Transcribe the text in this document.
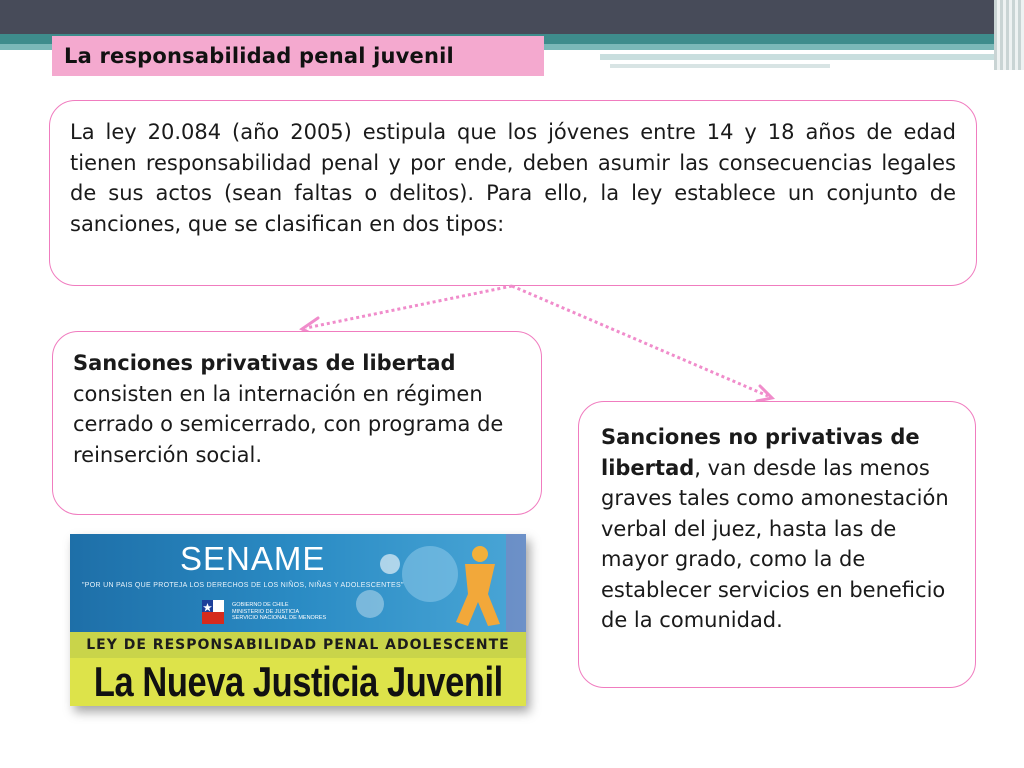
La responsabilidad penal juvenil

La ley 20.084 (año 2005) estipula que los jóvenes entre 14 y 18 años de edad tienen responsabilidad penal y por ende, deben asumir las consecuencias legales de sus actos (sean faltas o delitos). Para ello, la ley establece un conjunto de sanciones, que se clasifican en dos tipos:

Sanciones privativas de libertad consisten en la internación en régimen cerrado o semicerrado, con programa de reinserción social.

Sanciones no privativas de libertad, van desde las menos graves tales como amonestación verbal del juez, hasta las de mayor grado, como la de establecer servicios en beneficio de la comunidad.

SENAME
"POR UN PAIS QUE PROTEJA LOS DERECHOS DE LOS NIÑOS, NIÑAS Y ADOLESCENTES"
GOBIERNO DE CHILE
MINISTERIO DE JUSTICIA
SERVICIO NACIONAL DE MENORES
LEY DE RESPONSABILIDAD PENAL ADOLESCENTE
La Nueva Justicia Juvenil
